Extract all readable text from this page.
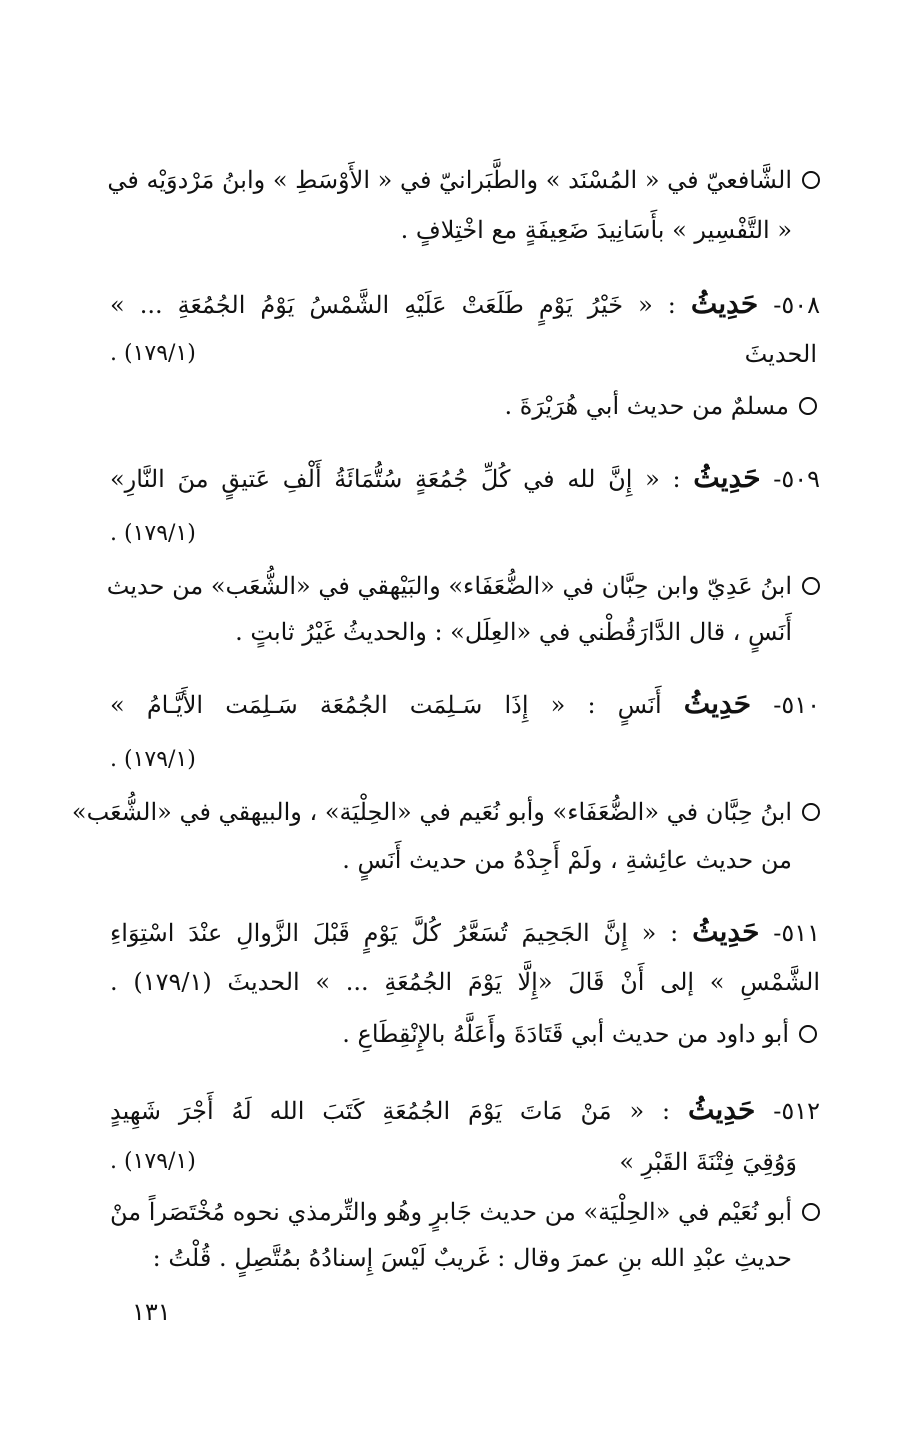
الشَّافعيّ في « المُسْنَد » والطَّبَرانيّ في « الأَوْسَطِ » وابنُ مَرْدوَيْه في
« التَّفْسِير » بأَسَانِيدَ ضَعِيفَةٍ مع اخْتِلافٍ .
٥٠٨- حَدِيثُ : « خَيْرُ يَوْمٍ طَلَعَتْ عَلَيْهِ الشَّمْسُ يَوْمُ الجُمُعَةِ ... »
الحديثَ
(١٧٩/١) .
مسلمٌ من حديث أبي هُرَيْرَةَ .
٥٠٩- حَدِيثُ : « إِنَّ لله في كُلِّ جُمُعَةٍ سُتُّمَائَةُ أَلْفِ عَتيقٍ منَ النَّارِ»
(١٧٩/١) .
ابنُ عَدِيّ وابن حِبَّان في «الضُّعَفَاء» والبَيْهقي في «الشُّعَب» من حديث
أَنَسٍ ، قال الدَّارَقُطْني في «العِلَل» : والحديثُ غَيْرُ ثابتٍ .
٥١٠- حَدِيثُ أَنَسٍ : « إِذَا سَـلِمَت الجُمُعَة سَـلِمَت الأَيَّـامُ »
(١٧٩/١) .
ابنُ حِبَّان في «الضُّعَفَاء» وأبو نُعَيم في «الحِلْيَة» ، والبيهقي في «الشُّعَب»
من حديث عائِشةِ ، ولَمْ أَجِدْهُ من حديث أَنَسٍ .
٥١١- حَدِيثُ : « إِنَّ الجَحِيمَ تُسَعَّرُ كُلَّ يَوْمٍ قَبْلَ الزَّوالِ عنْدَ اسْتِوَاءِ
الشَّمْسِ » إلى أَنْ قَالَ «إِلَّا يَوْمَ الجُمُعَةِ ... » الحديثَ (١٧٩/١) .
أبو داود من حديث أبي قَتَادَةَ وأَعَلَّهُ بالإِنْقِطَاعِ .
٥١٢- حَدِيثُ : « مَنْ مَاتَ يَوْمَ الجُمُعَةِ كَتَبَ الله لَهُ أَجْرَ شَهِيدٍ
وَوُقِيَ فِتْنَةَ القَبْرِ »
(١٧٩/١) .
أبو نُعَيْم في «الحِلْيَة» من حديث جَابرٍ وهُو والتِّرمذي نحوه مُخْتَصَراً منْ
حديثِ عبْدِ الله بنِ عمرَ وقال : غَريبٌ لَيْسَ إِسنادُهُ بمُتَّصِلٍ . قُلْتُ :
١٣١
